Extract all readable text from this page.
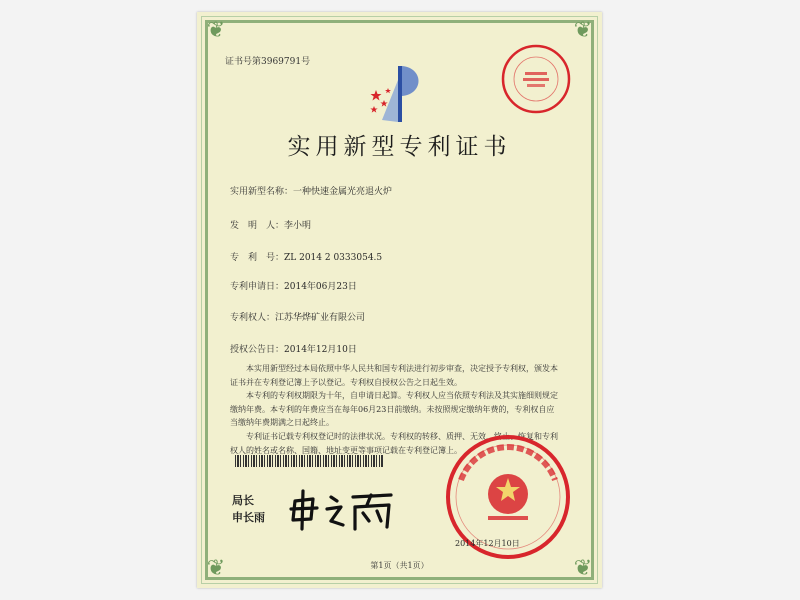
❦	❦
❦	❦
证书号第3969791号
实用新型专利证书
实用新型名称：一种快速金属光亮退火炉
发　明　人：李小明
专　利　号：ZL 2014 2 0333054.5
专利申请日：2014年06月23日
专利权人：江苏华烨矿业有限公司
授权公告日：2014年12月10日
本实用新型经过本局依照中华人民共和国专利法进行初步审查，决定授予专利权，颁发本证书并在专利登记簿上予以登记。专利权自授权公告之日起生效。
本专利的专利权期限为十年，自申请日起算。专利权人应当依照专利法及其实施细则规定缴纳年费。本专利的年费应当在每年06月23日前缴纳。未按照规定缴纳年费的，专利权自应当缴纳年费期满之日起终止。
专利证书记载专利权登记时的法律状况。专利权的转移、质押、无效、终止、恢复和专利权人的姓名或名称、国籍、地址变更等事项记载在专利登记簿上。
局长
申长雨
2014年12月10日
第1页（共1页）
